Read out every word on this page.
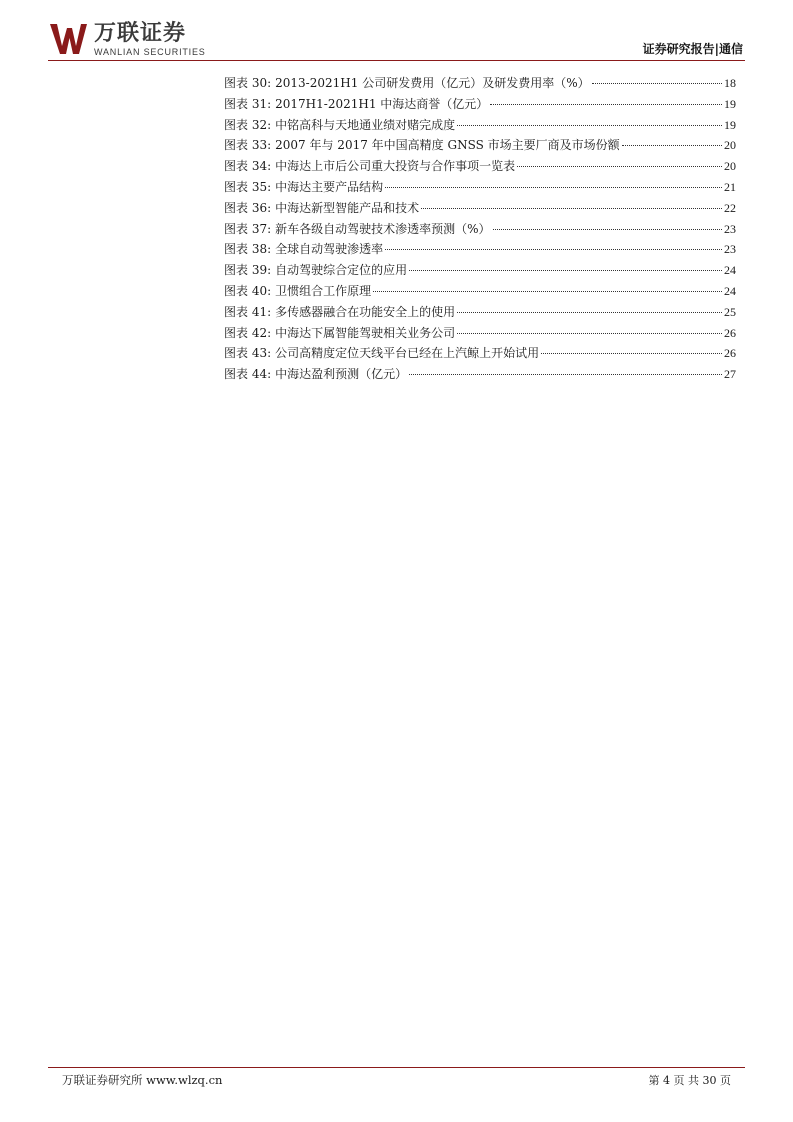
万联证券
WANLIAN SECURITIES	证券研究报告|通信
图表 30: 2013-2021H1 公司研发费用（亿元）及研发费用率（%）	18
图表 31: 2017H1-2021H1 中海达商誉（亿元）	19
图表 32: 中铭高科与天地通业绩对赌完成度	19
图表 33: 2007 年与 2017 年中国高精度 GNSS 市场主要厂商及市场份额	20
图表 34: 中海达上市后公司重大投资与合作事项一览表	20
图表 35: 中海达主要产品结构	21
图表 36: 中海达新型智能产品和技术	22
图表 37: 新车各级自动驾驶技术渗透率预测（%）	23
图表 38: 全球自动驾驶渗透率	23
图表 39: 自动驾驶综合定位的应用	24
图表 40: 卫惯组合工作原理	24
图表 41: 多传感器融合在功能安全上的使用	25
图表 42: 中海达下属智能驾驶相关业务公司	26
图表 43: 公司高精度定位天线平台已经在上汽鲸上开始试用	26
图表 44: 中海达盈利预测（亿元）	27
万联证券研究所 www.wlzq.cn	第 4 页 共 30 页
